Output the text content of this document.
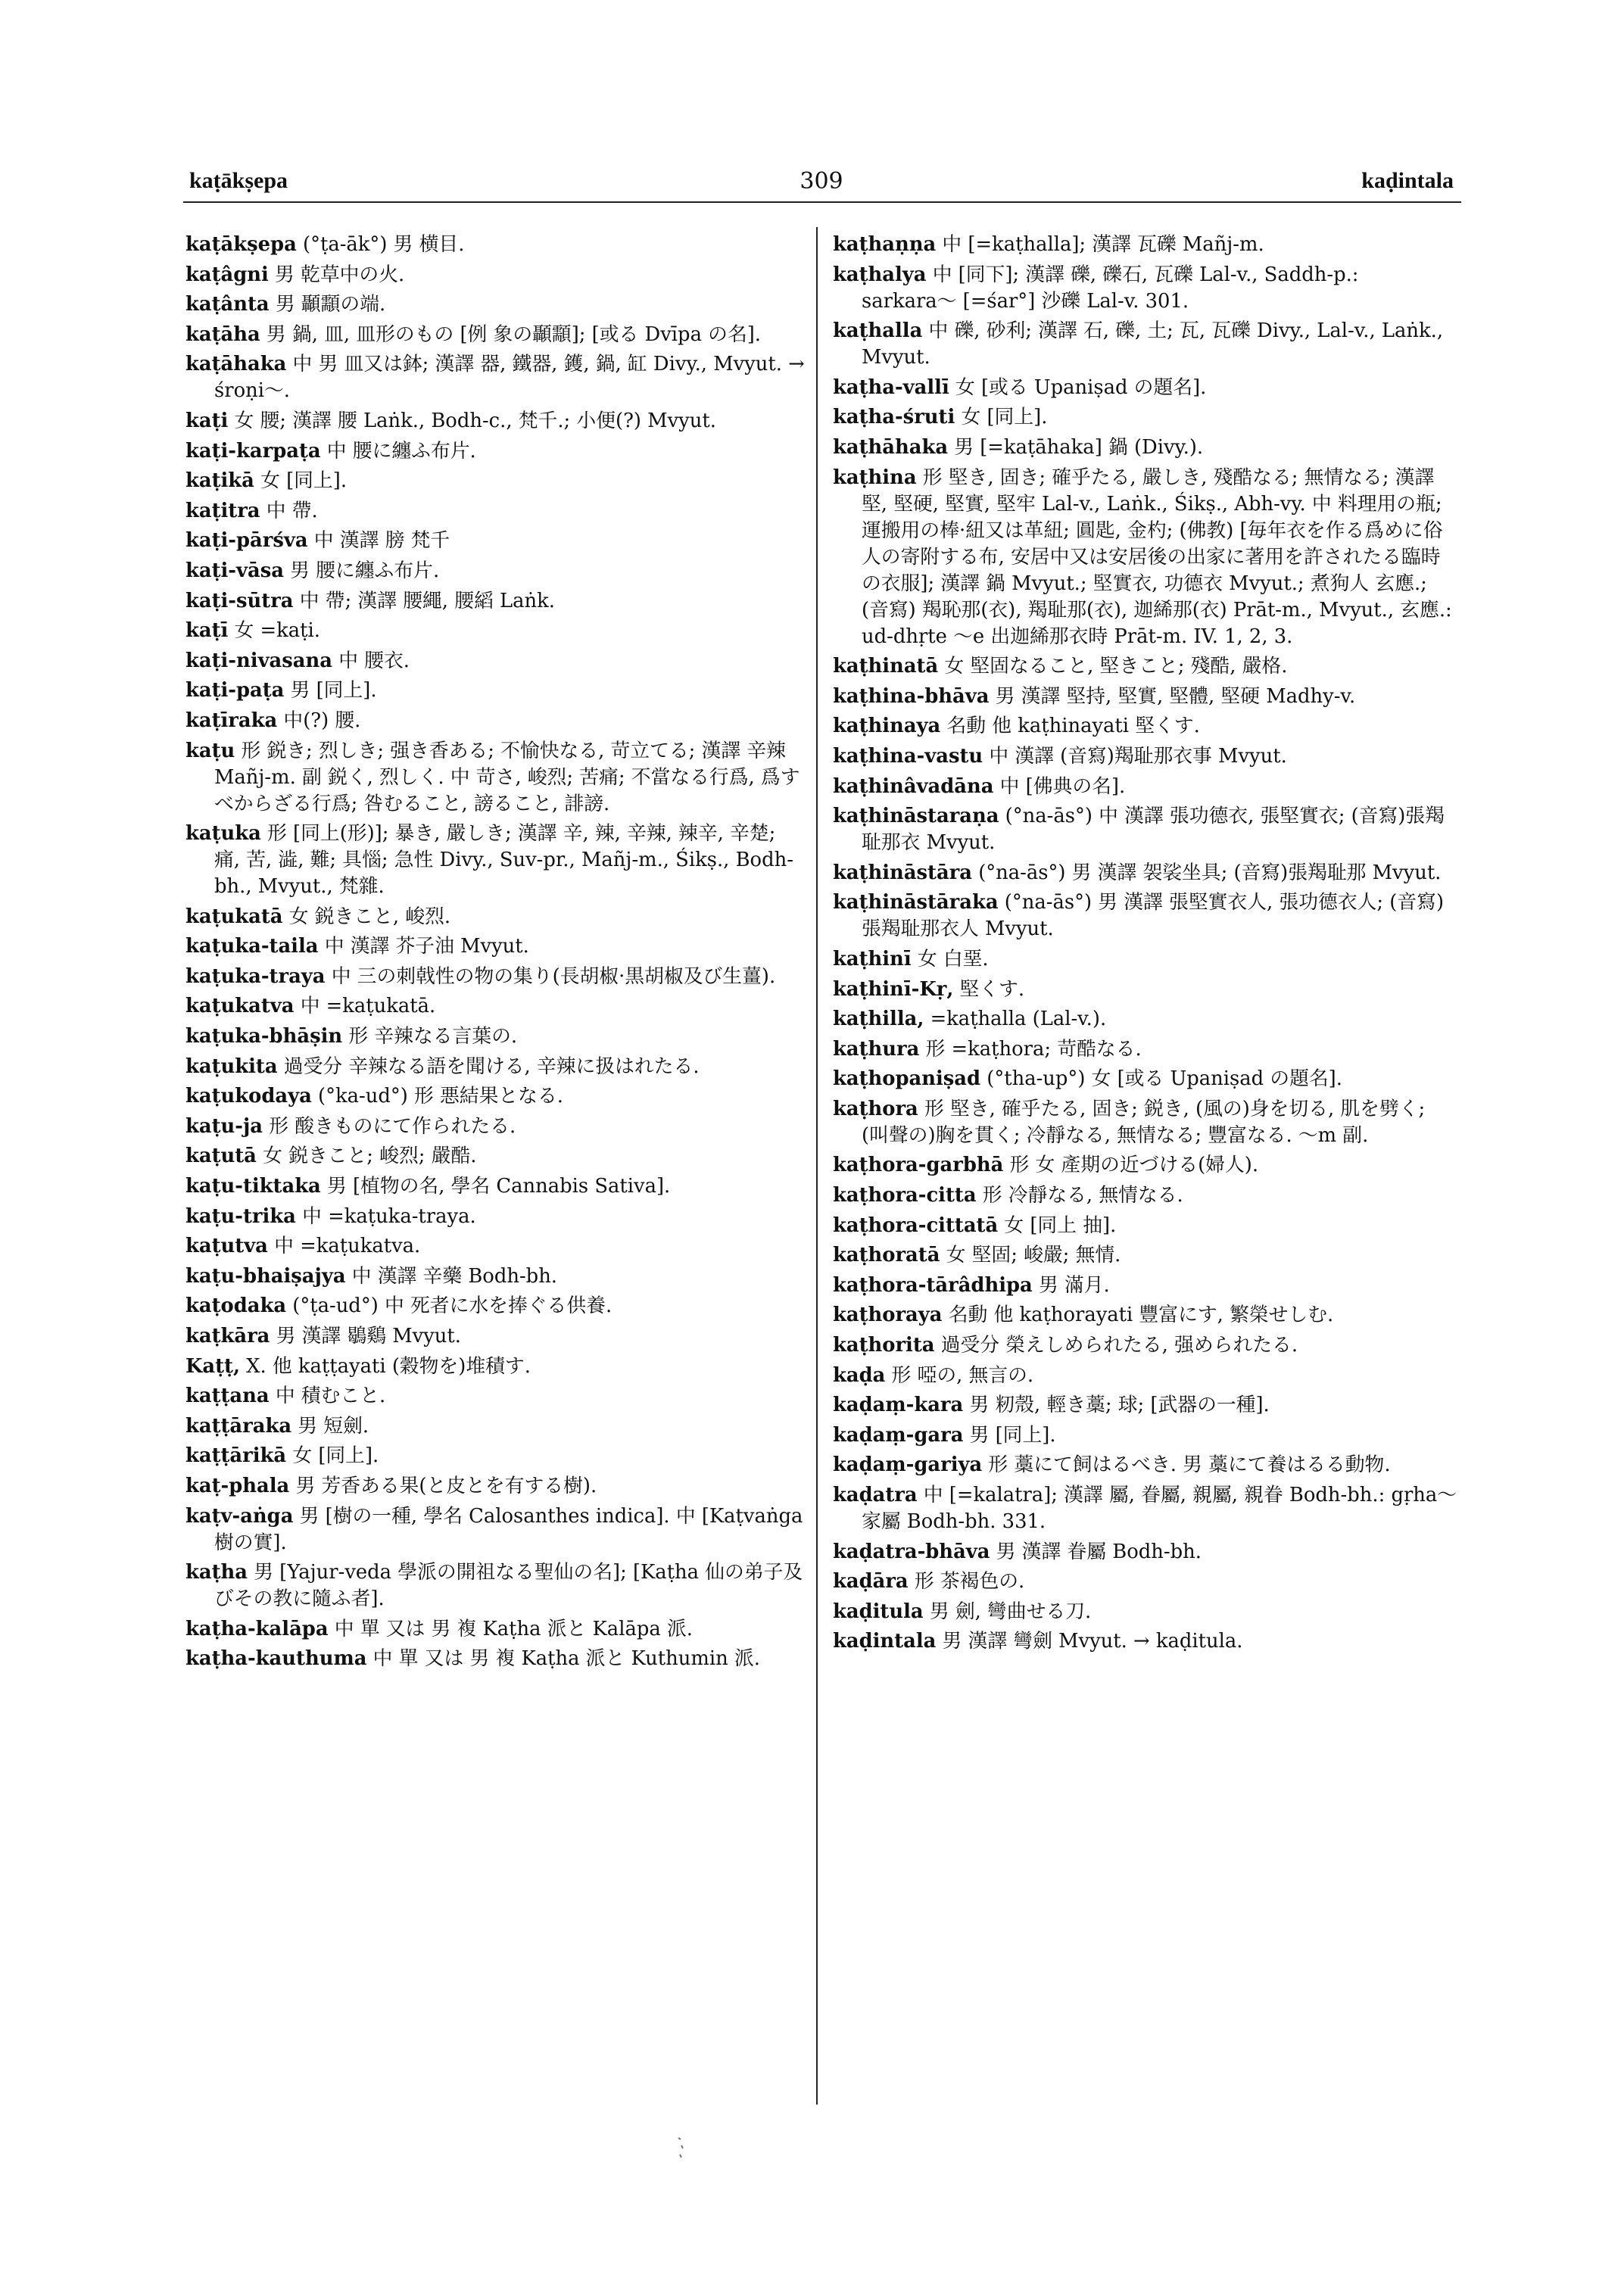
kaṭākṣepa	309	kaḍintala
kaṭākṣepa (°ṭa-āk°) 男 横目.
kaṭâgni 男 乾草中の火.
kaṭânta 男 顳顬の端.
kaṭāha 男 鍋, 皿, 皿形のもの [例 象の顳顬]; [或る Dvīpa の名].
kaṭāhaka 中 男 皿又は鉢; 漢譯 器, 鐵器, 鑊, 鍋, 缸 Divy., Mvyut. → śroṇi〜.
kaṭi 女 腰; 漢譯 腰 Laṅk., Bodh-c., 梵千.; 小便(?) Mvyut.
kaṭi-karpaṭa 中 腰に纏ふ布片.
kaṭikā 女 [同上].
kaṭitra 中 帶.
kaṭi-pārśva 中 漢譯 膀 梵千
kaṭi-vāsa 男 腰に纏ふ布片.
kaṭi-sūtra 中 帶; 漢譯 腰繩, 腰縚 Laṅk.
kaṭī 女 =kaṭi.
kaṭi-nivasana 中 腰衣.
kaṭi-paṭa 男 [同上].
kaṭīraka 中(?) 腰.
kaṭu 形 鋭き; 烈しき; 强き香ある; 不愉快なる, 苛立てる; 漢譯 辛辣 Mañj-m. 副 鋭く, 烈しく. 中 苛さ, 峻烈; 苦痛; 不當なる行爲, 爲すべからざる行爲; 咎むること, 謗ること, 誹謗.
kaṭuka 形 [同上(形)]; 暴き, 嚴しき; 漢譯 辛, 辣, 辛辣, 辣辛, 辛楚; 痛, 苦, 澁, 難; 具惱; 急性 Divy., Suv-pr., Mañj-m., Śikṣ., Bodh-bh., Mvyut., 梵雜.
kaṭukatā 女 鋭きこと, 峻烈.
kaṭuka-taila 中 漢譯 芥子油 Mvyut.
kaṭuka-traya 中 三の刺戟性の物の集り(長胡椒·黒胡椒及び生薑).
kaṭukatva 中 =kaṭukatā.
kaṭuka-bhāṣin 形 辛辣なる言葉の.
kaṭukita 過受分 辛辣なる語を聞ける, 辛辣に扱はれたる.
kaṭukodaya (°ka-ud°) 形 悪結果となる.
kaṭu-ja 形 酸きものにて作られたる.
kaṭutā 女 鋭きこと; 峻烈; 嚴酷.
kaṭu-tiktaka 男 [植物の名, 學名 Cannabis Sativa].
kaṭu-trika 中 =kaṭuka-traya.
kaṭutva 中 =kaṭukatva.
kaṭu-bhaiṣajya 中 漢譯 辛藥 Bodh-bh.
kaṭodaka (°ṭa-ud°) 中 死者に水を捧ぐる供養.
kaṭkāra 男 漢譯 鶡鷄 Mvyut.
Kaṭṭ, X. 他 kaṭṭayati (穀物を)堆積す.
kaṭṭana 中 積むこと.
kaṭṭāraka 男 短劍.
kaṭṭārikā 女 [同上].
kaṭ-phala 男 芳香ある果(と皮とを有する樹).
kaṭv-aṅga 男 [樹の一種, 學名 Calosanthes indica]. 中 [Kaṭvaṅga 樹の實].
kaṭha 男 [Yajur-veda 學派の開祖なる聖仙の名]; [Kaṭha 仙の弟子及びその教に隨ふ者].
kaṭha-kalāpa 中 單 又は 男 複 Kaṭha 派と Kalāpa 派.
kaṭha-kauthuma 中 單 又は 男 複 Kaṭha 派と Kuthumin 派.
kaṭhaṇṇa 中 [=kaṭhalla]; 漢譯 瓦礫 Mañj-m.
kaṭhalya 中 [同下]; 漢譯 礫, 礫石, 瓦礫 Lal-v., Saddh-p.: sarkara〜 [=śar°] 沙礫 Lal-v. 301.
kaṭhalla 中 礫, 砂利; 漢譯 石, 礫, 土; 瓦, 瓦礫 Divy., Lal-v., Laṅk., Mvyut.
kaṭha-vallī 女 [或る Upaniṣad の題名].
kaṭha-śruti 女 [同上].
kaṭhāhaka 男 [=kaṭāhaka] 鍋 (Divy.).
kaṭhina 形 堅き, 固き; 確乎たる, 嚴しき, 殘酷なる; 無情なる; 漢譯 堅, 堅硬, 堅實, 堅牢 Lal-v., Laṅk., Śikṣ., Abh-vy. 中 料理用の瓶; 運搬用の棒·紐又は革紐; 圓匙, 金杓; (佛教) [毎年衣を作る爲めに俗人の寄附する布, 安居中又は安居後の出家に著用を許されたる臨時の衣服]; 漢譯 鍋 Mvyut.; 堅實衣, 功德衣 Mvyut.; 煮狗人 玄應.; (音寫) 羯恥那(衣), 羯耻那(衣), 迦絺那(衣) Prāt-m., Mvyut., 玄應.: ud-dhṛte 〜e 出迦絺那衣時 Prāt-m. IV. 1, 2, 3.
kaṭhinatā 女 堅固なること, 堅きこと; 殘酷, 嚴格.
kaṭhina-bhāva 男 漢譯 堅持, 堅實, 堅體, 堅硬 Madhy-v.
kaṭhinaya 名動 他 kaṭhinayati 堅くす.
kaṭhina-vastu 中 漢譯 (音寫)羯耻那衣事 Mvyut.
kaṭhinâvadāna 中 [佛典の名].
kaṭhināstaraṇa (°na-ās°) 中 漢譯 張功德衣, 張堅實衣; (音寫)張羯耻那衣 Mvyut.
kaṭhināstāra (°na-ās°) 男 漢譯 袈裟坐具; (音寫)張羯耻那 Mvyut.
kaṭhināstāraka (°na-ās°) 男 漢譯 張堅實衣人, 張功德衣人; (音寫)張羯耻那衣人 Mvyut.
kaṭhinī 女 白堊.
kaṭhinī-Kṛ, 堅くす.
kaṭhilla, =kaṭhalla (Lal-v.).
kaṭhura 形 =kaṭhora; 苛酷なる.
kaṭhopaniṣad (°tha-up°) 女 [或る Upaniṣad の題名].
kaṭhora 形 堅き, 確乎たる, 固き; 鋭き, (風の)身を切る, 肌を劈く; (叫聲の)胸を貫く; 冷靜なる, 無情なる; 豐富なる. 〜m 副.
kaṭhora-garbhā 形 女 產期の近づける(婦人).
kaṭhora-citta 形 冷靜なる, 無情なる.
kaṭhora-cittatā 女 [同上 抽].
kaṭhoratā 女 堅固; 峻嚴; 無情.
kaṭhora-tārâdhipa 男 滿月.
kaṭhoraya 名動 他 kaṭhorayati 豐富にす, 繁榮せしむ.
kaṭhorita 過受分 榮えしめられたる, 强められたる.
kaḍa 形 啞の, 無言の.
kaḍaṃ-kara 男 籾殼, 輕き藁; 球; [武器の一種].
kaḍaṃ-gara 男 [同上].
kaḍaṃ-gariya 形 藁にて飼はるべき. 男 藁にて養はるる動物.
kaḍatra 中 [=kalatra]; 漢譯 屬, 眷屬, 親屬, 親眷 Bodh-bh.: gṛha〜 家屬 Bodh-bh. 331.
kaḍatra-bhāva 男 漢譯 眷屬 Bodh-bh.
kaḍāra 形 茶褐色の.
kaḍitula 男 劍, 彎曲せる刀.
kaḍintala 男 漢譯 彎劍 Mvyut. → kaḍitula.
